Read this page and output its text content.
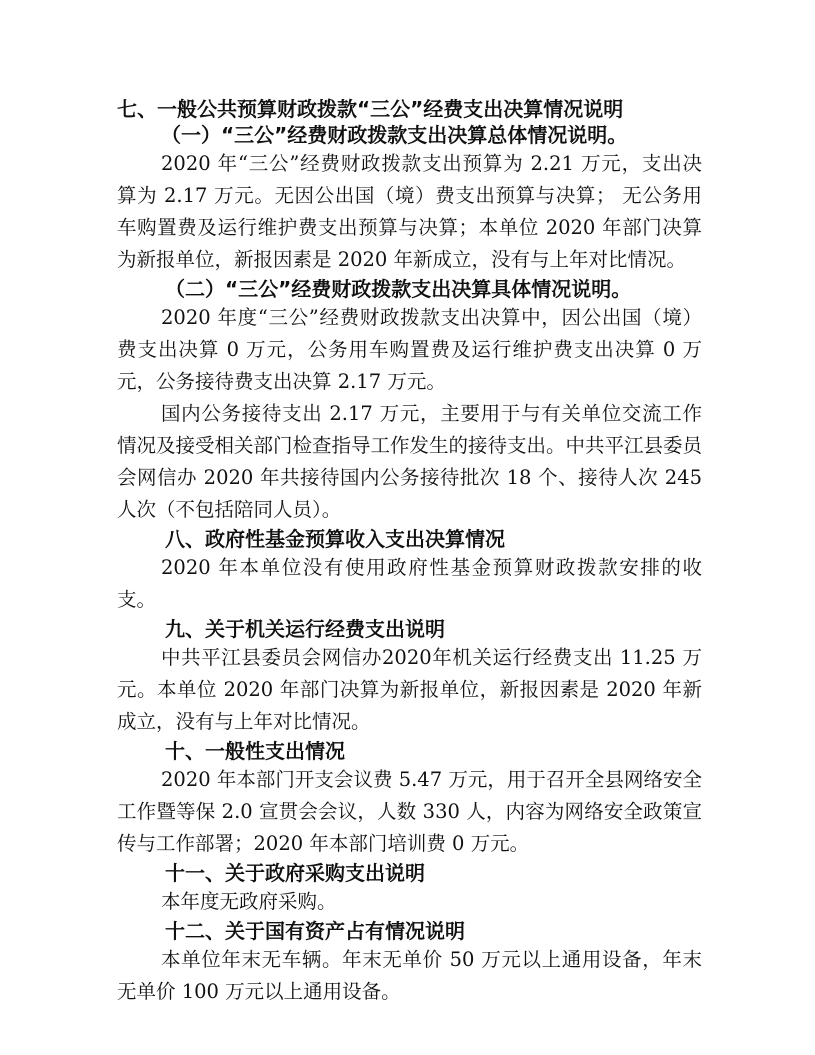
七、一般公共预算财政拨款“三公”经费支出决算情况说明
（一）“三公”经费财政拨款支出决算总体情况说明。

2020 年“三公”经费财政拨款支出预算为 2.21 万元，支出决算为 2.17 万元。无因公出国（境）费支出预算与决算； 无公务用车购置费及运行维护费支出预算与决算；本单位 2020 年部门决算为新报单位，新报因素是 2020 年新成立，没有与上年对比情况。

（二）“三公”经费财政拨款支出决算具体情况说明。

2020 年度“三公”经费财政拨款支出决算中，因公出国（境）费支出决算 0 万元，公务用车购置费及运行维护费支出决算 0 万元，公务接待费支出决算 2.17 万元。

国内公务接待支出 2.17 万元，主要用于与有关单位交流工作情况及接受相关部门检查指导工作发生的接待支出。中共平江县委员会网信办 2020 年共接待国内公务接待批次 18 个、接待人次 245 人次（不包括陪同人员）。

八、政府性基金预算收入支出决算情况

2020 年本单位没有使用政府性基金预算财政拨款安排的收支。

九、关于机关运行经费支出说明

中共平江县委员会网信办2020年机关运行经费支出 11.25 万元。本单位 2020 年部门决算为新报单位，新报因素是 2020 年新成立，没有与上年对比情况。

十、一般性支出情况

2020 年本部门开支会议费 5.47 万元，用于召开全县网络安全工作暨等保 2.0 宣贯会会议，人数 330 人，内容为网络安全政策宣传与工作部署；2020 年本部门培训费 0 万元。

十一、关于政府采购支出说明

本年度无政府采购。

十二、关于国有资产占有情况说明

本单位年末无车辆。年末无单价 50 万元以上通用设备，年末无单价 100 万元以上通用设备。
